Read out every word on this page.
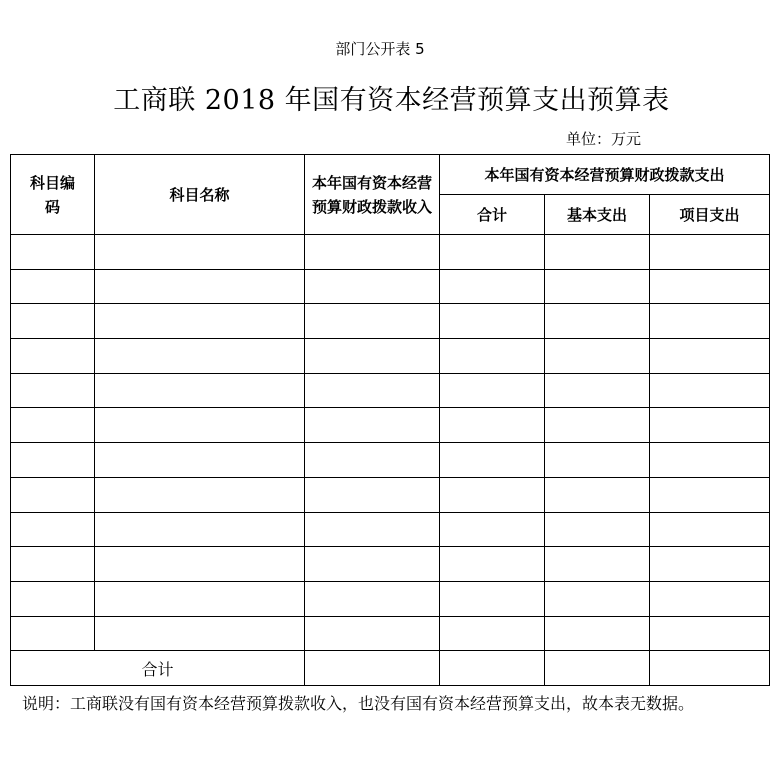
部门公开表 5
工商联 2018 年国有资本经营预算支出预算表
单位：万元
科目编码	科目名称	本年国有资本经营预算财政拨款收入	本年国有资本经营预算财政拨款支出		
			合计	基本支出	项目支出

合计					
说明：工商联没有国有资本经营预算拨款收入，也没有国有资本经营预算支出，故本表无数据。
